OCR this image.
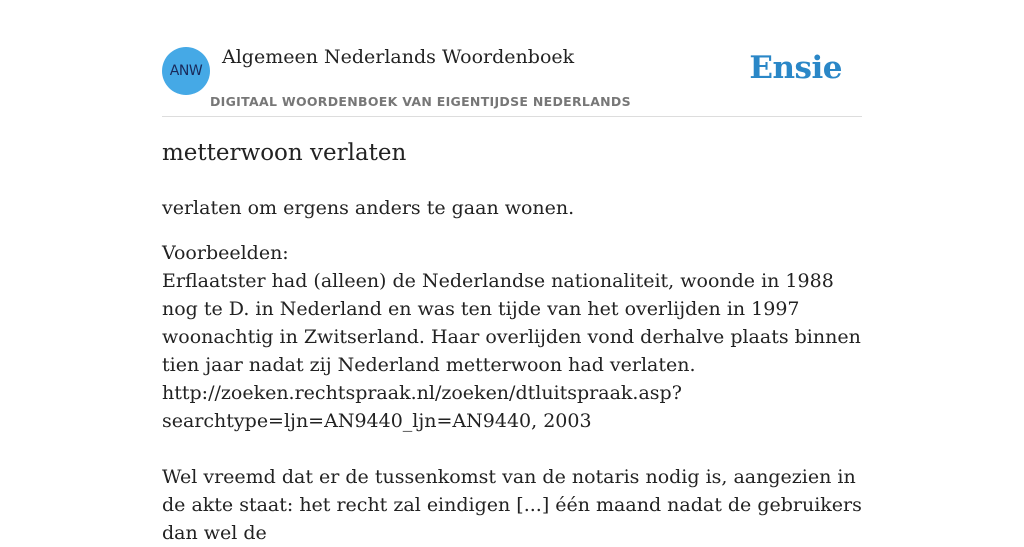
ANW
Algemeen Nederlands Woordenboek
DIGITAAL WOORDENBOEK VAN EIGENTIJDSE NEDERLANDS
Ensie
metterwoon verlaten
verlaten om ergens anders te gaan wonen.
Voorbeelden:
Erflaatster had (alleen) de Nederlandse nationaliteit, woonde in 1988 nog te D. in Nederland en was ten tijde van het overlijden in 1997 woonachtig in Zwitserland. Haar overlijden vond derhalve plaats binnen tien jaar nadat zij Nederland metterwoon had verlaten.
http://zoeken.rechtspraak.nl/zoeken/dtluitspraak.asp?
searchtype=ljn=AN9440_ljn=AN9440, 2003
Wel vreemd dat er de tussenkomst van de notaris nodig is, aangezien in de akte staat: het recht zal eindigen [...] één maand nadat de gebruikers dan wel de
